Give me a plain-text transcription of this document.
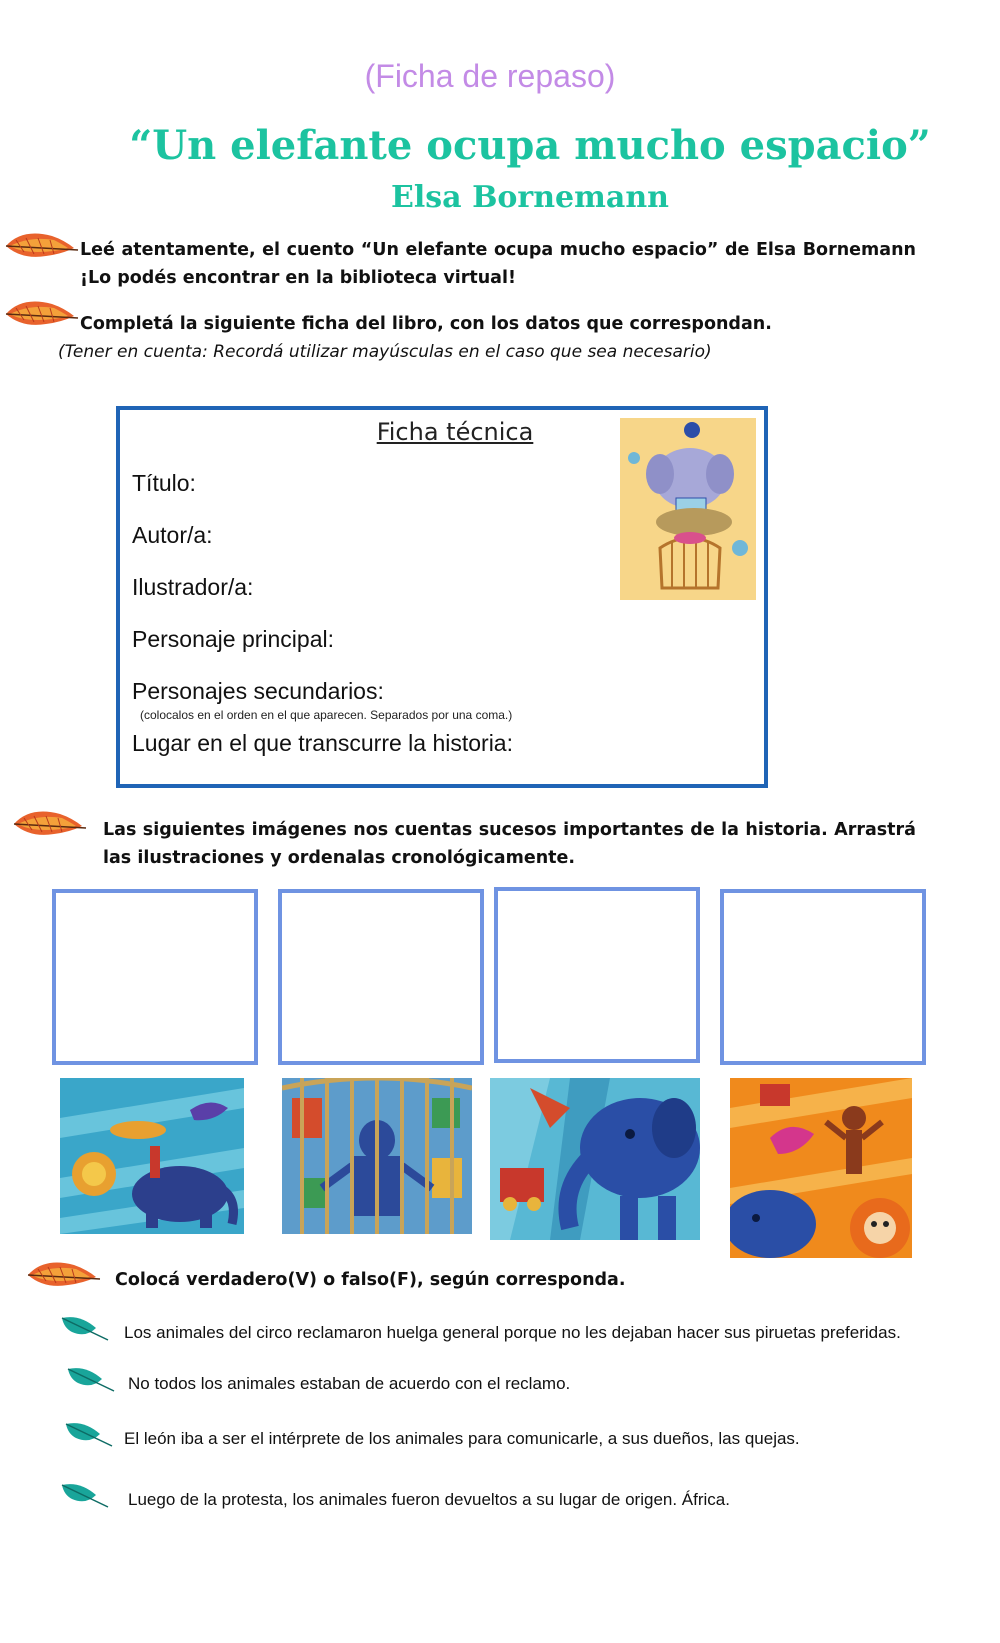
(Ficha de repaso)
“Un elefante ocupa mucho espacio”
Elsa Bornemann
Leé atentamente, el cuento “Un elefante ocupa mucho espacio” de Elsa Bornemann ¡Lo podés encontrar en la biblioteca virtual!
Completá la siguiente ficha del libro, con los datos que correspondan.
(Tener en cuenta: Recordá utilizar mayúsculas en el caso que sea necesario)
Ficha técnica
Título:
Autor/a:
Ilustrador/a:
Personaje principal:
Personajes secundarios:
(colocalos en el orden en el que aparecen. Separados por una coma.)
Lugar en el que transcurre la historia:
Las siguientes imágenes nos cuentas sucesos importantes de la historia. Arrastrá las ilustraciones y ordenalas cronológicamente.
Colocá verdadero(V) o falso(F), según corresponda.
Los animales del circo reclamaron huelga general porque no les dejaban hacer sus piruetas preferidas.
No todos los animales estaban de acuerdo con el reclamo.
El león iba a ser el intérprete de los animales para comunicarle, a sus dueños, las quejas.
Luego de la protesta, los animales fueron devueltos a su lugar de origen. África.
